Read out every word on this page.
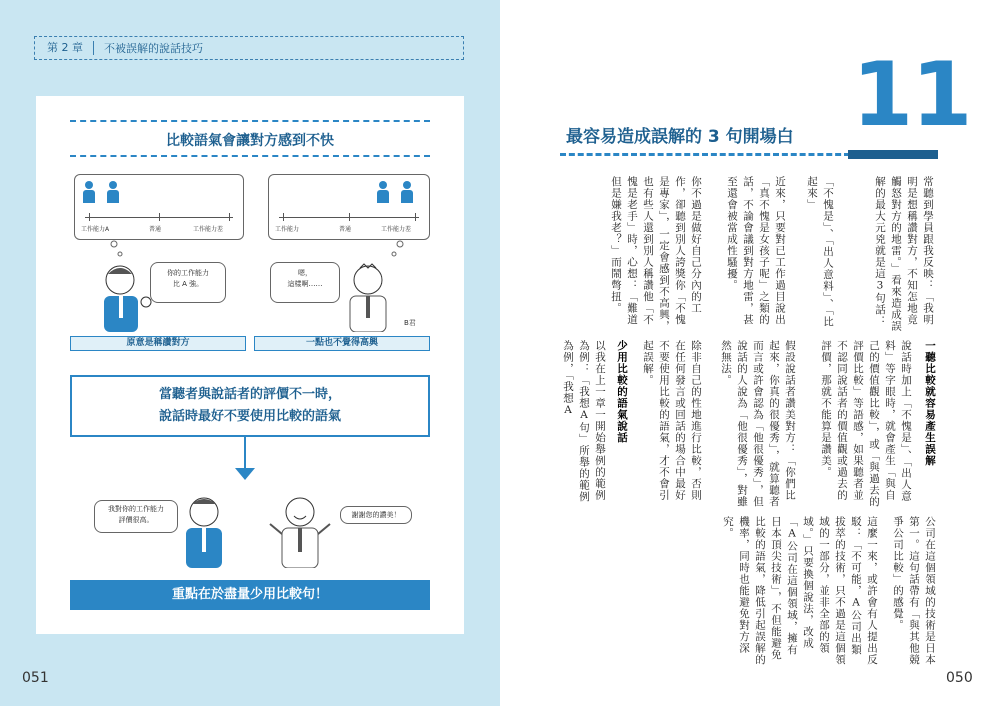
第 2 章	不被誤解的說話技巧
比較語氣會讓對方感到不快
工作能力A	普通	工作能力差	工作能力	普通	工作能力差
你的工作能力
比 A 強。
嗯，
這樣啊……
B君
原意是稱讚對方	一點也不覺得高興
當聽者與說話者的評價不一時，
說話時最好不要使用比較的語氣
我對你的工作能力
評價很高。
謝謝您的讚美！
重點在於盡量少用比較句！
051
11
最容易造成誤解的 3 句開場白
常聽到學員跟我反映：「我明明是想稱讚對方，不知怎地竟觸怒對方的地雷。」看來造成誤解的最大元兇就是這3句話：
「不愧是」、「出人意料」、「比起來」
近來，只要對已工作過目說出「真不愧是女孩子呢」之類的話，不論會議到對方地雷，甚至還會被當成性騷擾。
你不過是做好自己分內的工作，卻聽到別人誇獎你「不愧是專家」，一定會感到不高興，也有些人還到別人稱讚他「不愧是老手」時，心想：「難道但是嫌我老？」而鬧彆扭。
一聽比較就容易產生誤解
說話時加上「不愧是」、「出人意料」等字眼時，就會產生「與自己的價值觀比較」，或「與過去的評價比較」等語感，如果聽者並不認同說話者的價值觀或過去的評價，那就不能算是讚美。
假設說話者讚美對方：「你們比起來，你真的很優秀」，就算聽者而言或許會認為「他很優秀」，但說話的人說為「他很優秀」，對雖然無法。
除非自己的性地進行比較，否則在任何發言或回話的場合中最好不要使用比較的語氣，才不會引起誤解。
少用比較的語氣說話
以我在上一章一開始舉例的範例為例：「我想A句」所舉的範例為例，「我想A
公司在這個領域的技術是日本第一。這句話帶有「與其他競爭公司比較」的感覺。
這麼一來，或許會有人提出反駁：「不可能，A公司出類拔萃的技術，只不過是這個領域的一部分，並非全部的領域。」只要換個說法，改成「A公司在這個領域，擁有日本頂尖技術」，不但能避免比較的語氣，降低引起誤解的機率，同時也能避免對方深究。
050
